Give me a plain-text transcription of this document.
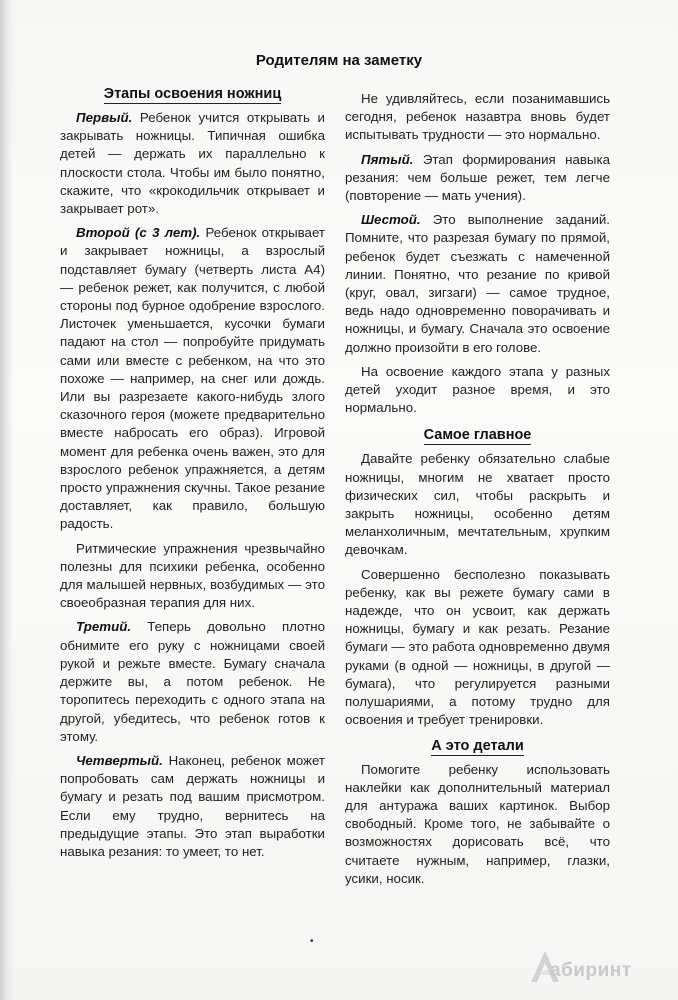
Родителям на заметку
Этапы освоения ножниц

Первый. Ребенок учится открывать и закрывать ножницы. Типичная ошибка детей — держать их параллельно к плоскости стола. Чтобы им было понятно, скажите, что «крокодильчик открывает и закрывает рот».

Второй (с 3 лет). Ребенок открывает и закрывает ножницы, а взрослый подставляет бумагу (четверть листа А4) — ребенок режет, как получится, с любой стороны под бурное одобрение взрослого. Листочек уменьшается, кусочки бумаги падают на стол — попробуйте придумать сами или вместе с ребенком, на что это похоже — например, на снег или дождь. Или вы разрезаете какого-нибудь злого сказочного героя (можете предварительно вместе набросать его образ). Игровой момент для ребенка очень важен, это для взрослого ребенок упражняется, а детям просто упражнения скучны. Такое резание доставляет, как правило, большую радость.

Ритмические упражнения чрезвычайно полезны для психики ребенка, особенно для малышей нервных, возбудимых — это своеобразная терапия для них.

Третий. Теперь довольно плотно обнимите его руку с ножницами своей рукой и режьте вместе. Бумагу сначала держите вы, а потом ребенок. Не торопитесь переходить с одного этапа на другой, убедитесь, что ребенок готов к этому.

Четвертый. Наконец, ребенок может попробовать сам держать ножницы и бумагу и резать под вашим присмотром. Если ему трудно, вернитесь на предыдущие этапы. Это этап выработки навыка резания: то умеет, то нет.

Не удивляйтесь, если позанимавшись сегодня, ребенок назавтра вновь будет испытывать трудности — это нормально.

Пятый. Этап формирования навыка резания: чем больше режет, тем легче (повторение — мать учения).

Шестой. Это выполнение заданий. Помните, что разрезая бумагу по прямой, ребенок будет съезжать с намеченной линии. Понятно, что резание по кривой (круг, овал, зигзаги) — самое трудное, ведь надо одновременно поворачивать и ножницы, и бумагу. Сначала это освоение должно произойти в его голове.

На освоение каждого этапа у разных детей уходит разное время, и это нормально.

Самое главное

Давайте ребенку обязательно слабые ножницы, многим не хватает просто физических сил, чтобы раскрыть и закрыть ножницы, особенно детям меланхоличным, мечтательным, хрупким девочкам.

Совершенно бесполезно показывать ребенку, как вы режете бумагу сами в надежде, что он усвоит, как держать ножницы, бумагу и как резать. Резание бумаги — это работа одновременно двумя руками (в одной — ножницы, в другой — бумага), что регулируется разными полушариями, а потому трудно для освоения и требует тренировки.

А это детали

Помогите ребенку использовать наклейки как дополнительный материал для антуража ваших картинок. Выбор свободный. Кроме того, не забывайте о возможностях дорисовать всё, что считаете нужным, например, глазки, усики, носик.

•
абиринт
